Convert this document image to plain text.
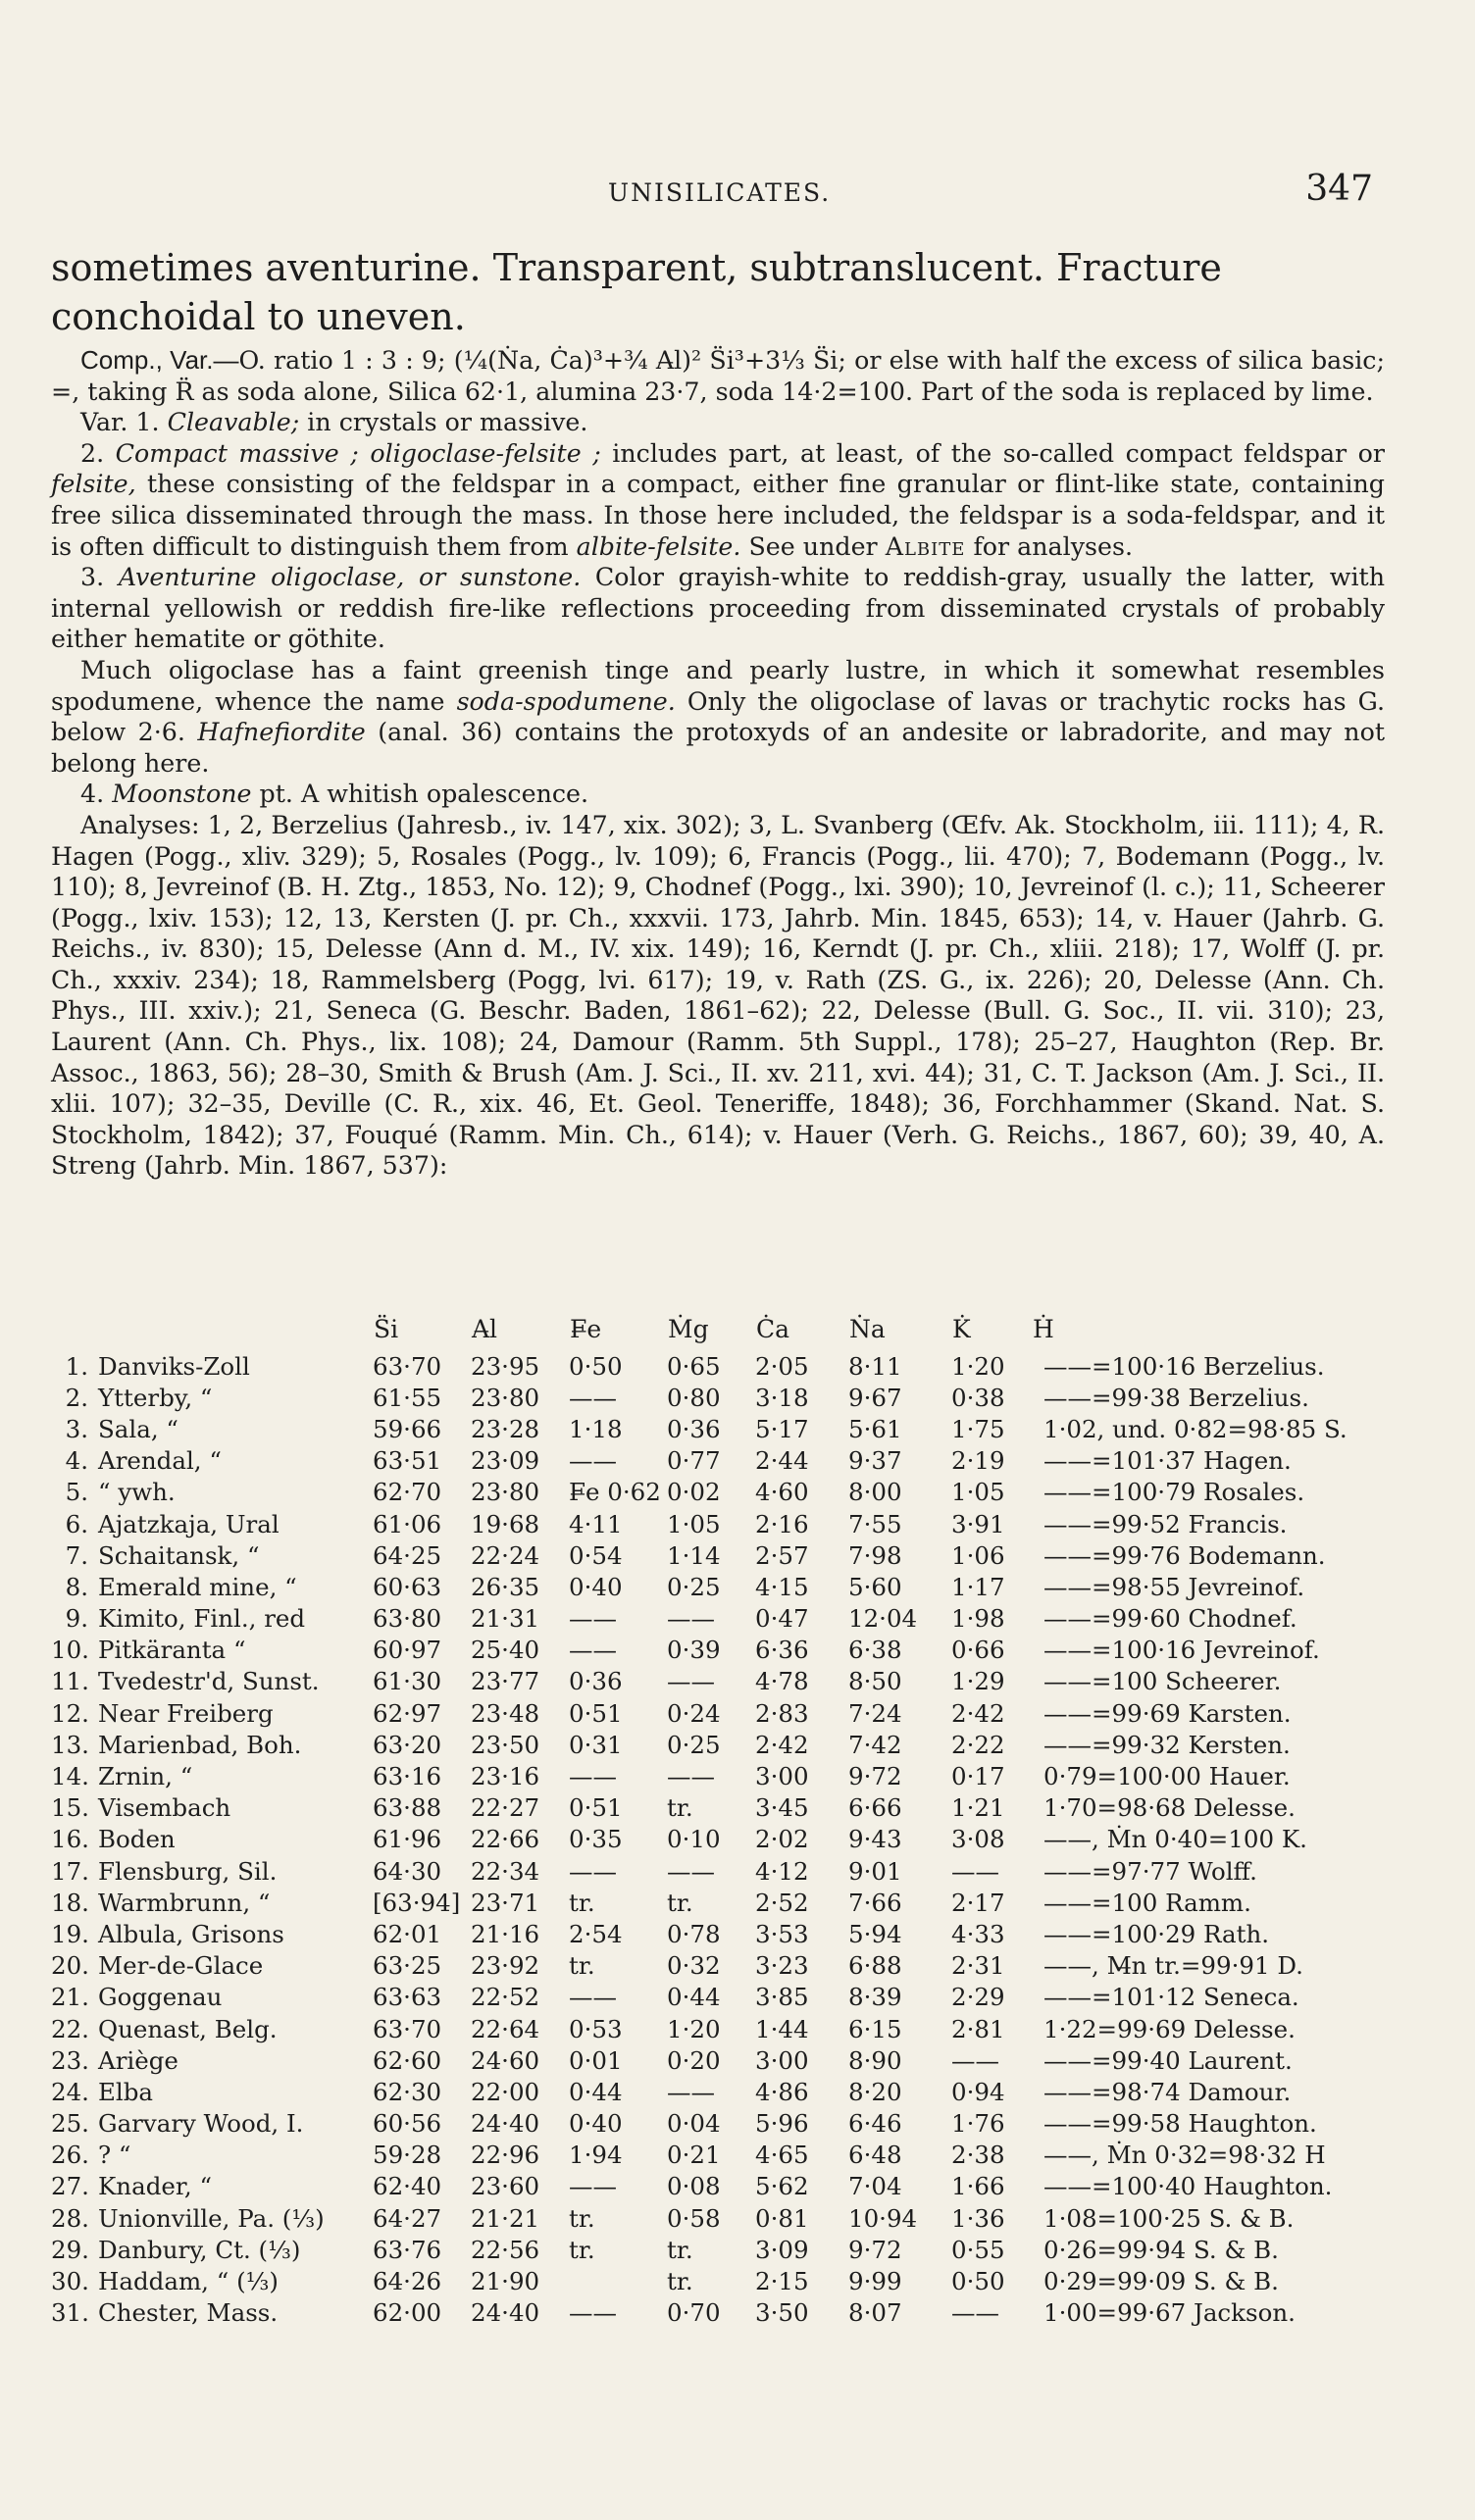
UNISILICATES.	347
sometimes aventurine. Transparent, subtranslucent. Fracture conchoidal to uneven.

Comp., Var.—O. ratio 1 : 3 : 9; (¼(Ṅa, Ċa)³+¾ A̶l)² S̈i³+3⅓ S̈i; or else with half the excess of silica basic; =, taking R̈ as soda alone, Silica 62·1, alumina 23·7, soda 14·2=100. Part of the soda is replaced by lime.

Var. 1. Cleavable; in crystals or massive.

2. Compact massive ; oligoclase-felsite ; includes part, at least, of the so-called compact feldspar or felsite, these consisting of the feldspar in a compact, either fine granular or flint-like state, containing free silica disseminated through the mass. In those here included, the feldspar is a soda-feldspar, and it is often difficult to distinguish them from albite-felsite. See under Albite for analyses.

3. Aventurine oligoclase, or sunstone. Color grayish-white to reddish-gray, usually the latter, with internal yellowish or reddish fire-like reflections proceeding from disseminated crystals of probably either hematite or göthite.

Much oligoclase has a faint greenish tinge and pearly lustre, in which it somewhat resembles spodumene, whence the name soda-spodumene. Only the oligoclase of lavas or trachytic rocks has G. below 2·6. Hafnefiordite (anal. 36) contains the protoxyds of an andesite or labradorite, and may not belong here.

4. Moonstone pt. A whitish opalescence.

Analyses: 1, 2, Berzelius (Jahresb., iv. 147, xix. 302); 3, L. Svanberg (Œfv. Ak. Stockholm, iii. 111); 4, R. Hagen (Pogg., xliv. 329); 5, Rosales (Pogg., lv. 109); 6, Francis (Pogg., lii. 470); 7, Bodemann (Pogg., lv. 110); 8, Jevreinof (B. H. Ztg., 1853, No. 12); 9, Chodnef (Pogg., lxi. 390); 10, Jevreinof (l. c.); 11, Scheerer (Pogg., lxiv. 153); 12, 13, Kersten (J. pr. Ch., xxxvii. 173, Jahrb. Min. 1845, 653); 14, v. Hauer (Jahrb. G. Reichs., iv. 830); 15, Delesse (Ann d. M., IV. xix. 149); 16, Kerndt (J. pr. Ch., xliii. 218); 17, Wolff (J. pr. Ch., xxxiv. 234); 18, Rammelsberg (Pogg, lvi. 617); 19, v. Rath (ZS. G., ix. 226); 20, Delesse (Ann. Ch. Phys., III. xxiv.); 21, Seneca (G. Beschr. Baden, 1861–62); 22, Delesse (Bull. G. Soc., II. vii. 310); 23, Laurent (Ann. Ch. Phys., lix. 108); 24, Damour (Ramm. 5th Suppl., 178); 25–27, Haughton (Rep. Br. Assoc., 1863, 56); 28–30, Smith & Brush (Am. J. Sci., II. xv. 211, xvi. 44); 31, C. T. Jackson (Am. J. Sci., II. xlii. 107); 32–35, Deville (C. R., xix. 46, Et. Geol. Teneriffe, 1848); 36, Forchhammer (Skand. Nat. S. Stockholm, 1842); 37, Fouqué (Ramm. Min. Ch., 614); v. Hauer (Verh. G. Reichs., 1867, 60); 39, 40, A. Streng (Jahrb. Min. 1867, 537):

		S̈i	A̶l	F̶e	Ṁg	Ċa	Ṅa	K̇	Ḣ
1.	Danviks-Zoll	63·70	23·95	0·50	0·65	2·05	8·11	1·20	——=100·16 Berzelius.
2.	Ytterby, “	61·55	23·80	——	0·80	3·18	9·67	0·38	——=99·38 Berzelius.
3.	Sala, “	59·66	23·28	1·18	0·36	5·17	5·61	1·75	1·02, und. 0·82=98·85 S.
4.	Arendal, “	63·51	23·09	——	0·77	2·44	9·37	2·19	——=101·37 Hagen.
5.	“ ywh.	62·70	23·80	F̶e 0·62	0·02	4·60	8·00	1·05	——=100·79 Rosales.
6.	Ajatzkaja, Ural	61·06	19·68	4·11	1·05	2·16	7·55	3·91	——=99·52 Francis.
7.	Schaitansk, “	64·25	22·24	0·54	1·14	2·57	7·98	1·06	——=99·76 Bodemann.
8.	Emerald mine, “	60·63	26·35	0·40	0·25	4·15	5·60	1·17	——=98·55 Jevreinof.
9.	Kimito, Finl., red	63·80	21·31	——	——	0·47	12·04	1·98	——=99·60 Chodnef.
10.	Pitkäranta “	60·97	25·40	——	0·39	6·36	6·38	0·66	——=100·16 Jevreinof.
11.	Tvedestr'd, Sunst.	61·30	23·77	0·36	——	4·78	8·50	1·29	——=100 Scheerer.
12.	Near Freiberg	62·97	23·48	0·51	0·24	2·83	7·24	2·42	——=99·69 Karsten.
13.	Marienbad, Boh.	63·20	23·50	0·31	0·25	2·42	7·42	2·22	——=99·32 Kersten.
14.	Zrnin, “	63·16	23·16	——	——	3·00	9·72	0·17	0·79=100·00 Hauer.
15.	Visembach	63·88	22·27	0·51	tr.	3·45	6·66	1·21	1·70=98·68 Delesse.
16.	Boden	61·96	22·66	0·35	0·10	2·02	9·43	3·08	——, Ṁn 0·40=100 K.
17.	Flensburg, Sil.	64·30	22·34	——	——	4·12	9·01	——	——=97·77 Wolff.
18.	Warmbrunn, “	[63·94]	23·71	tr.	tr.	2·52	7·66	2·17	——=100 Ramm.
19.	Albula, Grisons	62·01	21·16	2·54	0·78	3·53	5·94	4·33	——=100·29 Rath.
20.	Mer-de-Glace	63·25	23·92	tr.	0·32	3·23	6·88	2·31	——, M̶n tr.=99·91 D.
21.	Goggenau	63·63	22·52	——	0·44	3·85	8·39	2·29	——=101·12 Seneca.
22.	Quenast, Belg.	63·70	22·64	0·53	1·20	1·44	6·15	2·81	1·22=99·69 Delesse.
23.	Ariège	62·60	24·60	0·01	0·20	3·00	8·90	——	——=99·40 Laurent.
24.	Elba	62·30	22·00	0·44	——	4·86	8·20	0·94	——=98·74 Damour.
25.	Garvary Wood, I.	60·56	24·40	0·40	0·04	5·96	6·46	1·76	——=99·58 Haughton.
26.	? “	59·28	22·96	1·94	0·21	4·65	6·48	2·38	——, Ṁn 0·32=98·32 H
27.	Knader, “	62·40	23·60	——	0·08	5·62	7·04	1·66	——=100·40 Haughton.
28.	Unionville, Pa. (⅓)	64·27	21·21	tr.	0·58	0·81	10·94	1·36	1·08=100·25 S. & B.
29.	Danbury, Ct. (⅓)	63·76	22·56	tr.	tr.	3·09	9·72	0·55	0·26=99·94 S. & B.
30.	Haddam, “ (⅓)	64·26	21·90		tr.	2·15	9·99	0·50	0·29=99·09 S. & B.
31.	Chester, Mass.	62·00	24·40	——	0·70	3·50	8·07	——	1·00=99·67 Jackson.
